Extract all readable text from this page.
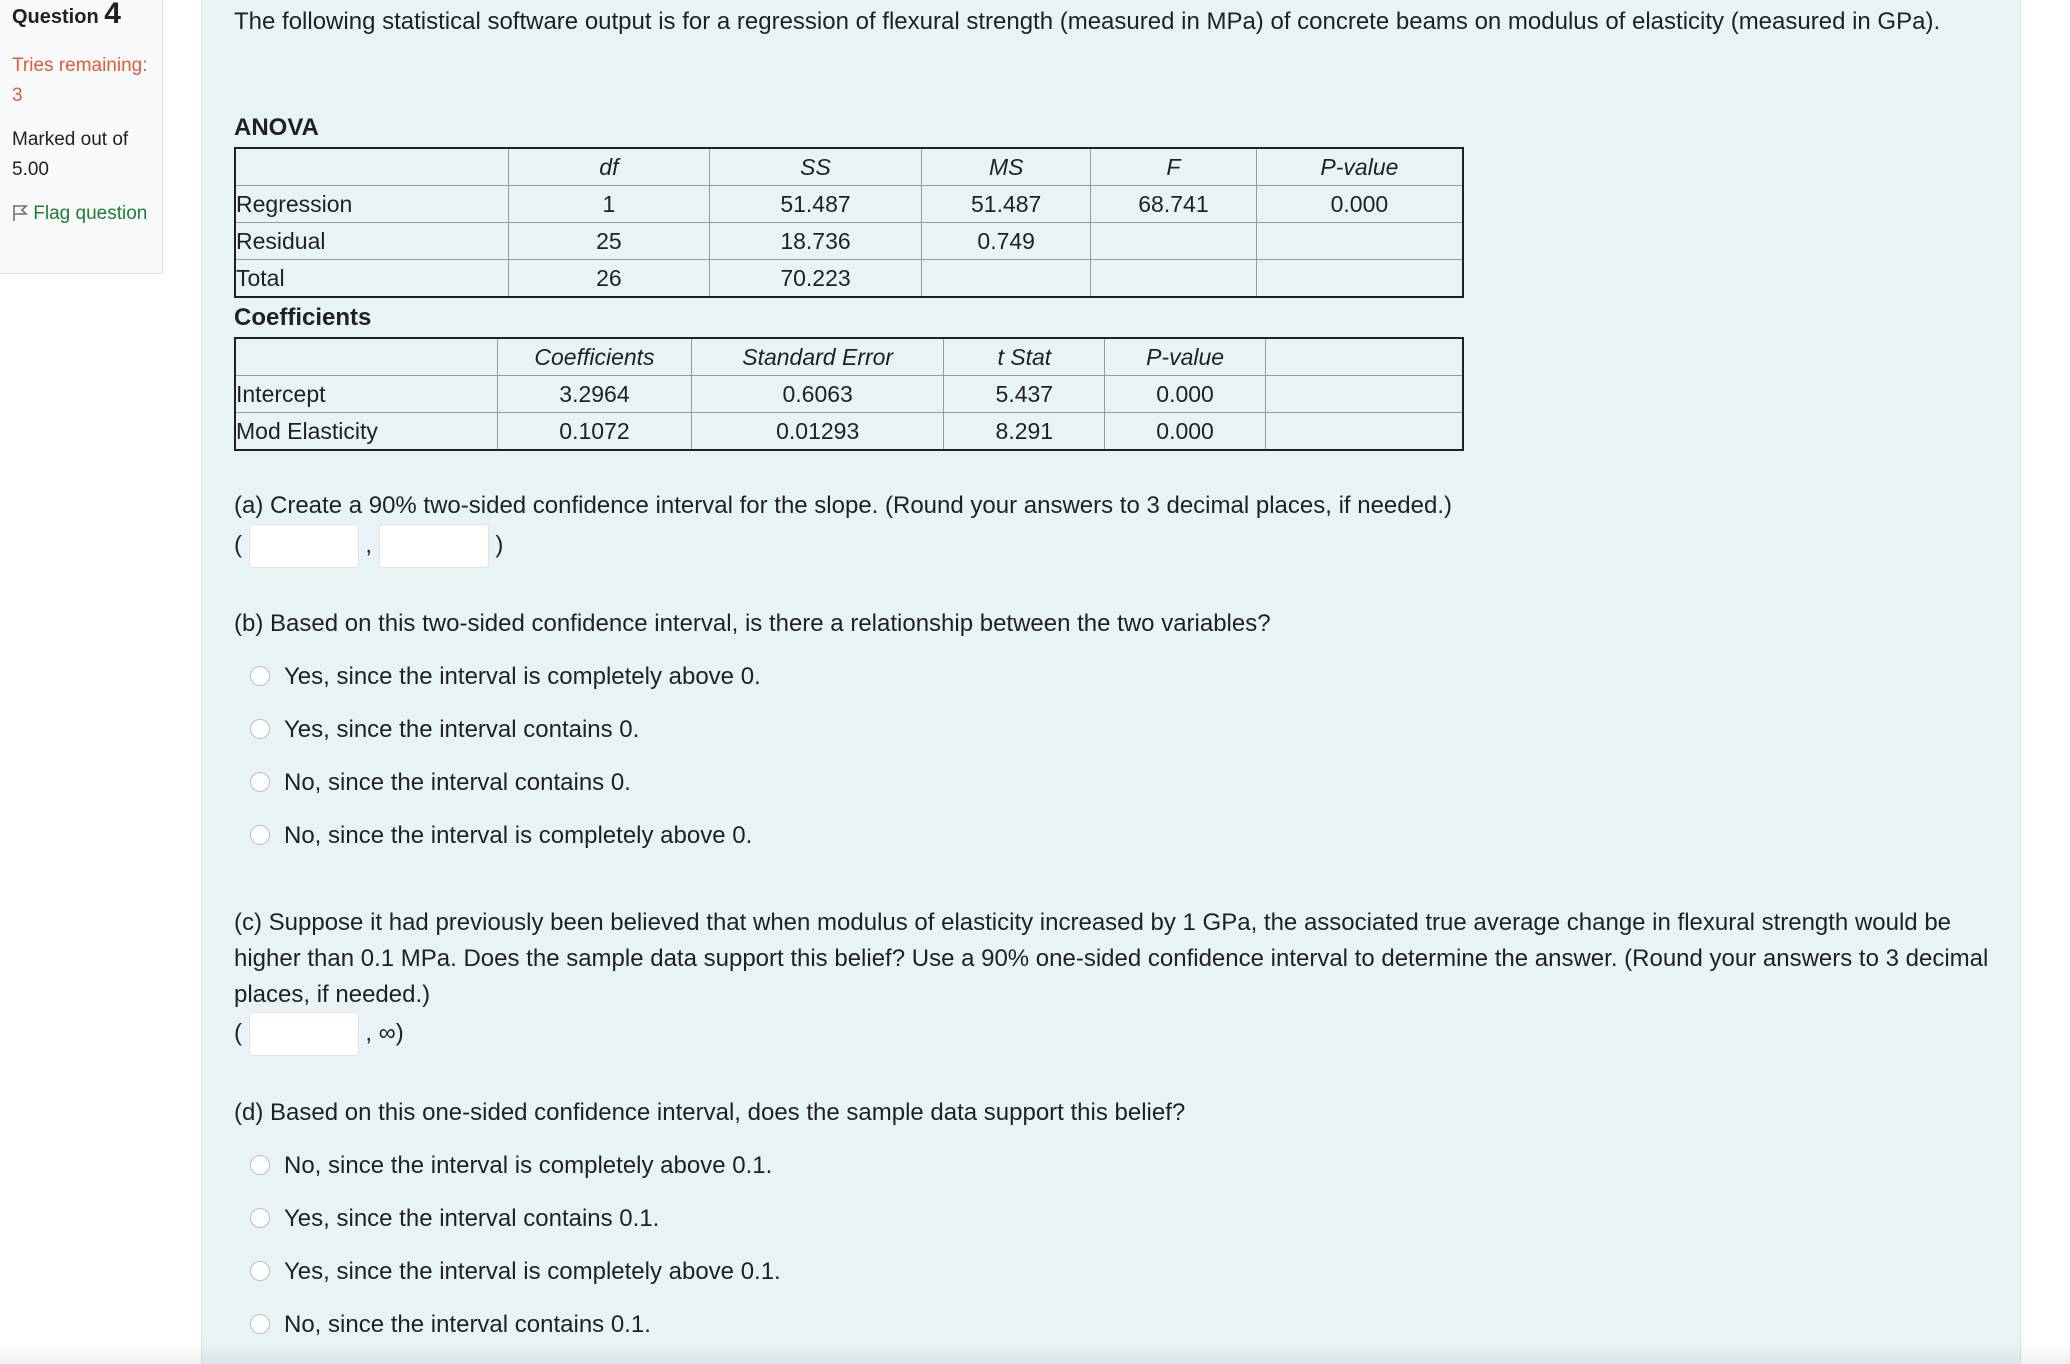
Question 4
Tries remaining: 3
Marked out of 5.00
Flag question
The following statistical software output is for a regression of flexural strength (measured in MPa) of concrete beams on modulus of elasticity (measured in GPa).
ANOVA
	df	SS	MS	F	P-value
Regression	1	51.487	51.487	68.741	0.000
Residual	25	18.736	0.749		
Total	26	70.223			
Coefficients
	Coefficients	Standard Error	t Stat	P-value	
Intercept	3.2964	0.6063	5.437	0.000	
Mod Elasticity	0.1072	0.01293	8.291	0.000	
(a) Create a 90% two-sided confidence interval for the slope. (Round your answers to 3 decimal places, if needed.)
(	,	)
(b) Based on this two-sided confidence interval, is there a relationship between the two variables?
Yes, since the interval is completely above 0.
Yes, since the interval contains 0.
No, since the interval contains 0.
No, since the interval is completely above 0.
(c) Suppose it had previously been believed that when modulus of elasticity increased by 1 GPa, the associated true average change in flexural strength would be higher than 0.1 MPa. Does the sample data support this belief? Use a 90% one-sided confidence interval to determine the answer. (Round your answers to 3 decimal places, if needed.)
(	, ∞)
(d) Based on this one-sided confidence interval, does the sample data support this belief?
No, since the interval is completely above 0.1.
Yes, since the interval contains 0.1.
Yes, since the interval is completely above 0.1.
No, since the interval contains 0.1.
